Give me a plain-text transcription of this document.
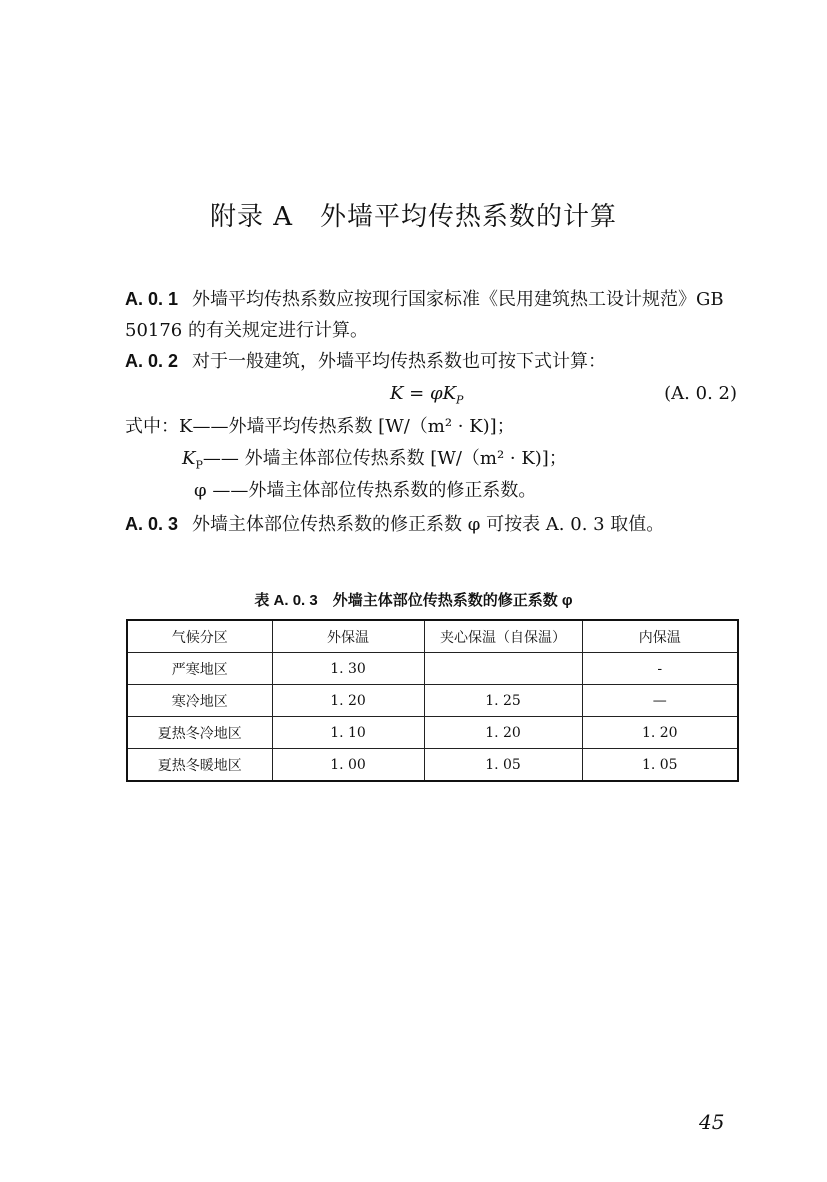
附录 A　外墙平均传热系数的计算
A. 0. 1 外墙平均传热系数应按现行国家标准《民用建筑热工设计规范》GB 50176 的有关规定进行计算。
A. 0. 2 对于一般建筑，外墙平均传热系数也可按下式计算：
$K = \varphi K_P$	(A. 0. 2)
式中：K——外墙平均传热系数 [W/（m² · K)]；
$K_P——$ 外墙主体部位传热系数 [W/（m² · K)]；
φ ——外墙主体部位传热系数的修正系数。
A. 0. 3 外墙主体部位传热系数的修正系数 φ 可按表 A. 0. 3 取值。
表 A. 0. 3　外墙主体部位传热系数的修正系数 φ
气候分区	外保温	夹心保温（自保温）	内保温
严寒地区	1. 30		-
寒冷地区	1. 20	1. 25	—
夏热冬冷地区	1. 10	1. 20	1. 20
夏热冬暖地区	1. 00	1. 05	1. 05
45
